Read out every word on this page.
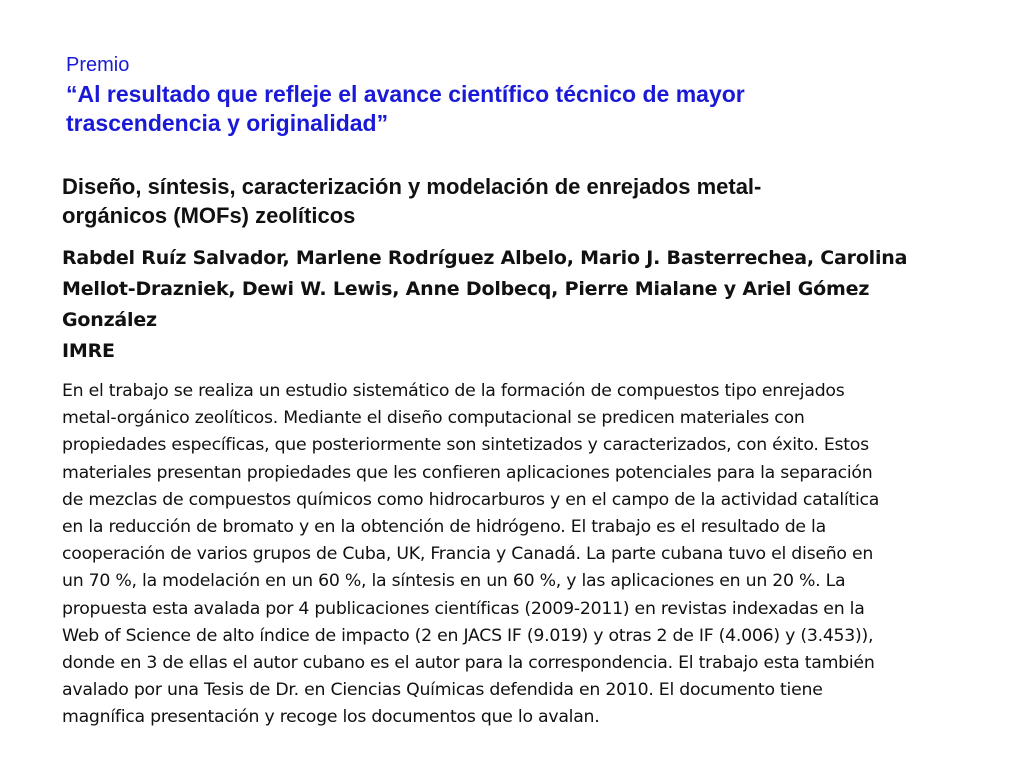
Premio
“Al resultado que refleje el avance científico técnico de mayor
trascendencia y originalidad”
Diseño, síntesis, caracterización y modelación de enrejados metal-
orgánicos (MOFs) zeolíticos
Rabdel Ruíz Salvador, Marlene Rodríguez Albelo, Mario J. Basterrechea, Carolina
Mellot-Drazniek, Dewi W. Lewis, Anne Dolbecq, Pierre Mialane y Ariel Gómez
González
IMRE
En el trabajo se realiza un estudio sistemático de la formación de compuestos tipo enrejados
metal-orgánico zeolíticos. Mediante el diseño computacional se predicen materiales con
propiedades específicas, que posteriormente son sintetizados y caracterizados, con éxito. Estos
materiales presentan propiedades que les confieren aplicaciones potenciales para la separación
de mezclas de compuestos químicos como hidrocarburos y en el campo de la actividad catalítica
en la reducción de bromato y en la obtención de hidrógeno. El trabajo es el resultado de la
cooperación de varios grupos de Cuba, UK, Francia y Canadá. La parte cubana tuvo el diseño en
un 70 %, la modelación en un 60 %, la síntesis en un 60 %, y las aplicaciones en un 20 %. La
propuesta esta avalada por 4 publicaciones científicas (2009-2011) en revistas indexadas en la
Web of Science de alto índice de impacto (2 en JACS IF (9.019) y otras 2 de IF (4.006) y (3.453)),
donde en 3 de ellas el autor cubano es el autor para la correspondencia. El trabajo esta también
avalado por una Tesis de Dr. en Ciencias Químicas defendida en 2010. El documento tiene
magnífica presentación y recoge los documentos que lo avalan.
